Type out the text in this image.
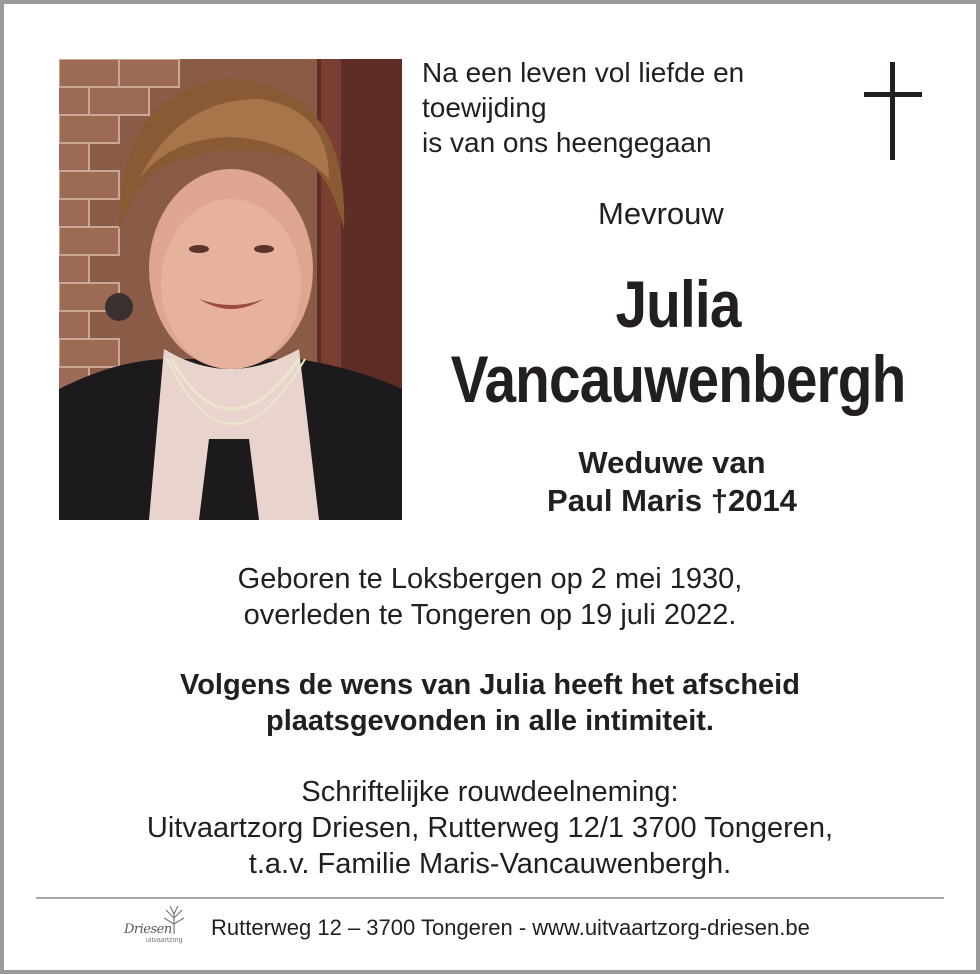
Na een leven vol liefde en
toewijding
is van ons heengegaan
Mevrouw
Julia
Vancauwenbergh
Weduwe van
Paul Maris †2014
Geboren te Loksbergen op 2 mei 1930,
overleden te Tongeren op 19 juli 2022.
Volgens de wens van Julia heeft het afscheid
plaatsgevonden in alle intimiteit.
Schriftelijke rouwdeelneming:
Uitvaartzorg Driesen, Rutterweg 12/1 3700 Tongeren,
t.a.v. Familie Maris-Vancauwenbergh.
Driesen
uitvaartzorg
Rutterweg 12 – 3700 Tongeren - www.uitvaartzorg-driesen.be
